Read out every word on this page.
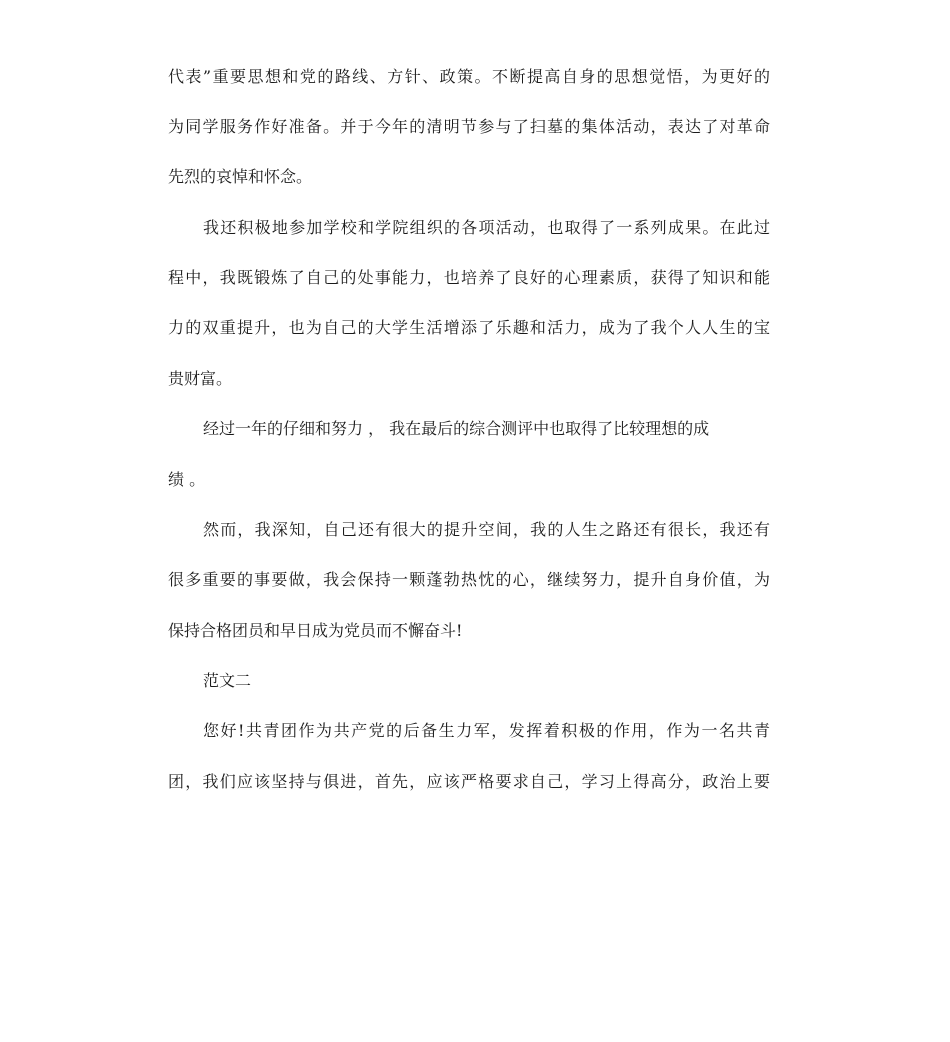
代表”重要思想和党的路线、方针、政策。不断提高自身的思想觉悟，为更好的
为同学服务作好准备。并于今年的清明节参与了扫墓的集体活动，表达了对革命
先烈的哀悼和怀念。
我还积极地参加学校和学院组织的各项活动，也取得了一系列成果。在此过
程中，我既锻炼了自己的处事能力，也培养了良好的心理素质，获得了知识和能
力的双重提升，也为自己的大学生活增添了乐趣和活力，成为了我个人人生的宝
贵财富。
经过一年的仔细和努力 ， 我在最后的综合测评中也取得了比较理想的成
绩 。
然而，我深知，自己还有很大的提升空间，我的人生之路还有很长，我还有
很多重要的事要做，我会保持一颗蓬勃热忱的心，继续努力，提升自身价值，为
保持合格团员和早日成为党员而不懈奋斗!
范文二
您好!共青团作为共产党的后备生力军，发挥着积极的作用，作为一名共青
团，我们应该坚持与俱进，首先，应该严格要求自己，学习上得高分，政治上要
